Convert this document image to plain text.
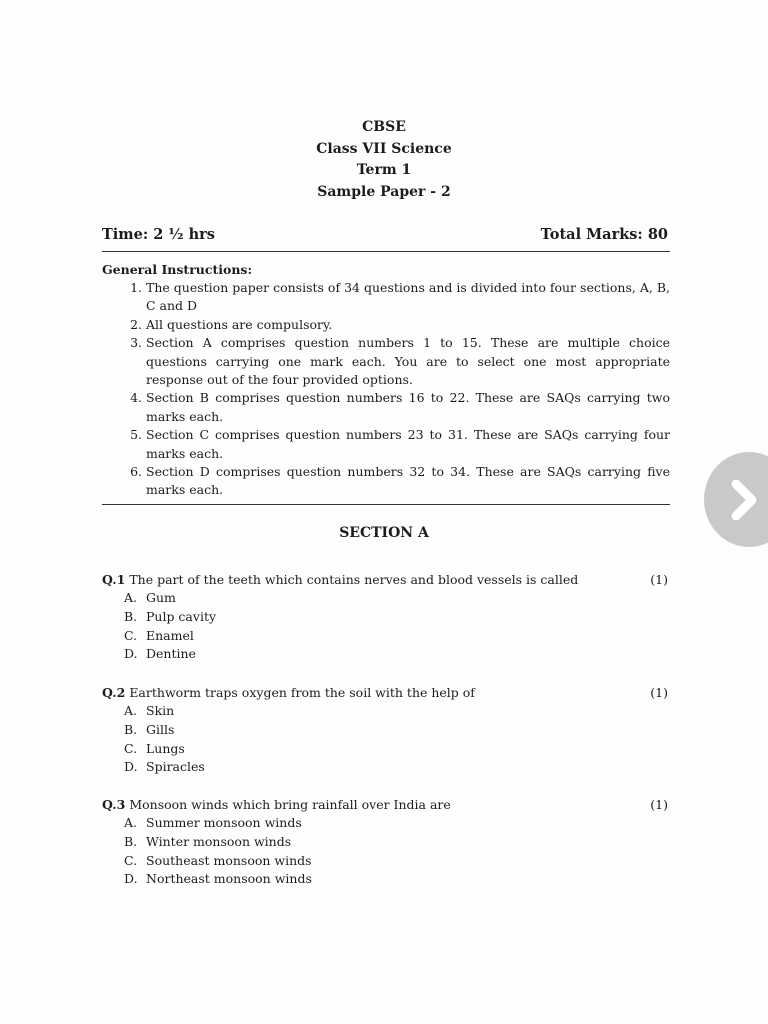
CBSE
Class VII Science
Term 1
Sample Paper - 2
Time: 2 ½ hrs	Total Marks: 80
General Instructions:
1. The question paper consists of 34 questions and is divided into four sections, A, B, C and D
2. All questions are compulsory.
3. Section A comprises question numbers 1 to 15. These are multiple choice questions carrying one mark each. You are to select one most appropriate response out of the four provided options.
4. Section B comprises question numbers 16 to 22. These are SAQs carrying two marks each.
5. Section C comprises question numbers 23 to 31. These are SAQs carrying four marks each.
6. Section D comprises question numbers 32 to 34. These are SAQs carrying five marks each.
SECTION A
Q.1 The part of the teeth which contains nerves and blood vessels is called	(1)
A. Gum
B. Pulp cavity
C. Enamel
D. Dentine
Q.2 Earthworm traps oxygen from the soil with the help of	(1)
A. Skin
B. Gills
C. Lungs
D. Spiracles
Q.3 Monsoon winds which bring rainfall over India are	(1)
A. Summer monsoon winds
B. Winter monsoon winds
C. Southeast monsoon winds
D. Northeast monsoon winds
